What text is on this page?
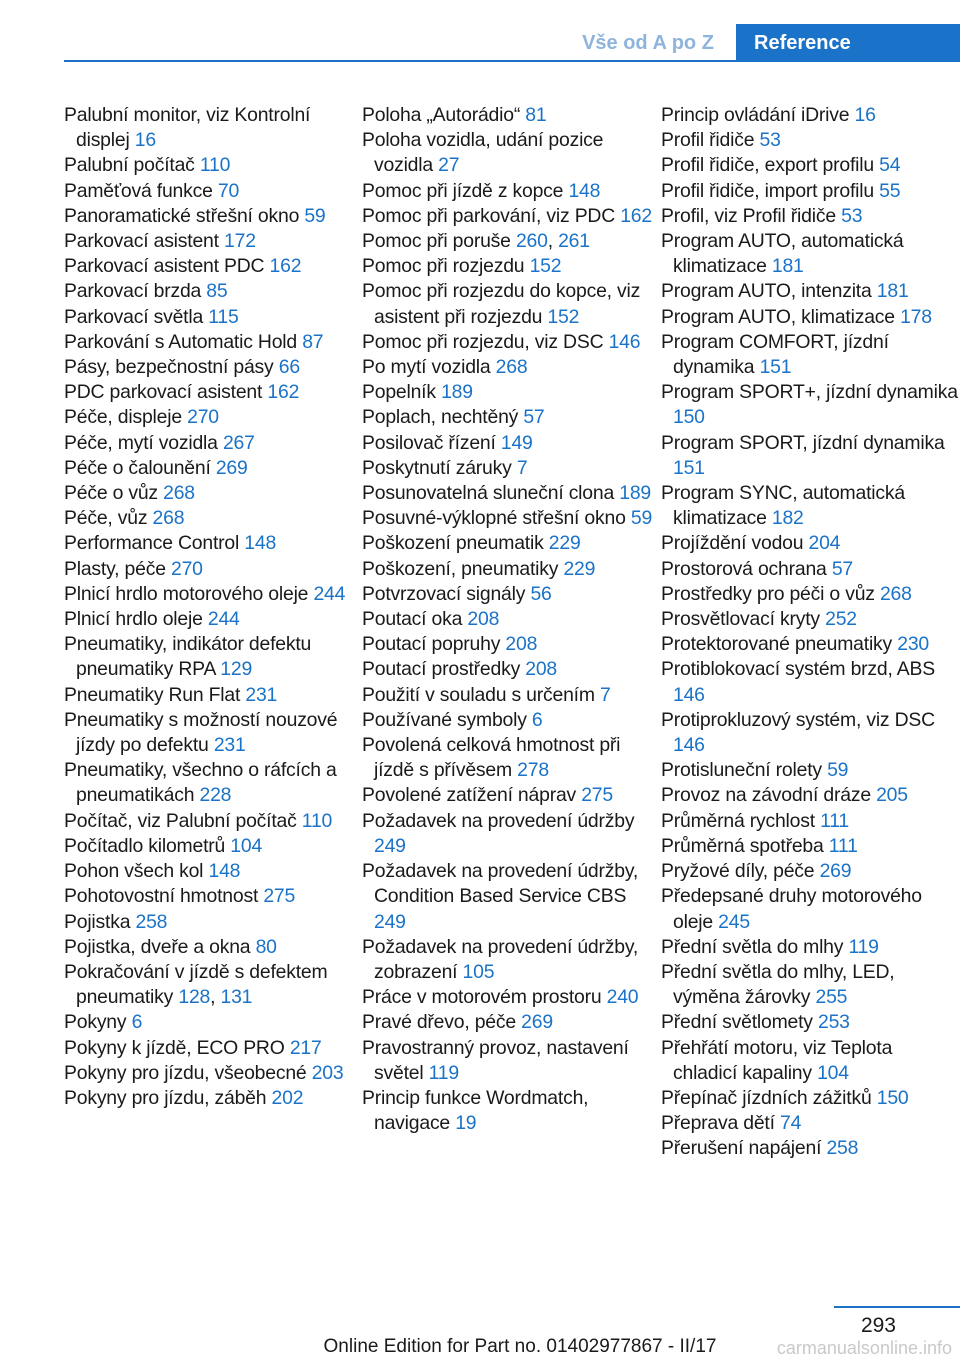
Vše od A po Z	Reference
Palubní monitor, viz Kontrolní displej 16
Palubní počítač 110
Paměťová funkce 70
Panoramatické střešní okno 59
Parkovací asistent 172
Parkovací asistent PDC 162
Parkovací brzda 85
Parkovací světla 115
Parkování s Automatic Hold 87
Pásy, bezpečnostní pásy 66
PDC parkovací asistent 162
Péče, displeje 270
Péče, mytí vozidla 267
Péče o čalounění 269
Péče o vůz 268
Péče, vůz 268
Performance Control 148
Plasty, péče 270
Plnicí hrdlo motorového oleje 244
Plnicí hrdlo oleje 244
Pneumatiky, indikátor defektu pneumatiky RPA 129
Pneumatiky Run Flat 231
Pneumatiky s možností nouzové jízdy po defektu 231
Pneumatiky, všechno o ráfcích a pneumatikách 228
Počítač, viz Palubní počítač 110
Počítadlo kilometrů 104
Pohon všech kol 148
Pohotovostní hmotnost 275
Pojistka 258
Pojistka, dveře a okna 80
Pokračování v jízdě s defektem pneumatiky 128, 131
Pokyny 6
Pokyny k jízdě, ECO PRO 217
Pokyny pro jízdu, všeobecné 203
Pokyny pro jízdu, záběh 202
Poloha „Autorádio“ 81
Poloha vozidla, udání pozice vozidla 27
Pomoc při jízdě z kopce 148
Pomoc při parkování, viz PDC 162
Pomoc při poruše 260, 261
Pomoc při rozjezdu 152
Pomoc při rozjezdu do kopce, viz asistent při rozjezdu 152
Pomoc při rozjezdu, viz DSC 146
Po mytí vozidla 268
Popelník 189
Poplach, nechtěný 57
Posilovač řízení 149
Poskytnutí záruky 7
Posunovatelná sluneční clona 189
Posuvné-výklopné střešní okno 59
Poškození pneumatik 229
Poškození, pneumatiky 229
Potvrzovací signály 56
Poutací oka 208
Poutací popruhy 208
Poutací prostředky 208
Použití v souladu s určením 7
Používané symboly 6
Povolená celková hmotnost při jízdě s přívěsem 278
Povolené zatížení náprav 275
Požadavek na provedení údržby 249
Požadavek na provedení údržby, Condition Based Service CBS 249
Požadavek na provedení údržby, zobrazení 105
Práce v motorovém prostoru 240
Pravé dřevo, péče 269
Pravostranný provoz, nastavení světel 119
Princip funkce Wordmatch, navigace 19
Princip ovládání iDrive 16
Profil řidiče 53
Profil řidiče, export profilu 54
Profil řidiče, import profilu 55
Profil, viz Profil řidiče 53
Program AUTO, automatická klimatizace 181
Program AUTO, intenzita 181
Program AUTO, klimatizace 178
Program COMFORT, jízdní dynamika 151
Program SPORT+, jízdní dynamika 150
Program SPORT, jízdní dynamika 151
Program SYNC, automatická klimatizace 182
Projíždění vodou 204
Prostorová ochrana 57
Prostředky pro péči o vůz 268
Prosvětlovací kryty 252
Protektorované pneumatiky 230
Protiblokovací systém brzd, ABS 146
Protiprokluzový systém, viz DSC 146
Protisluneční rolety 59
Provoz na závodní dráze 205
Průměrná rychlost 111
Průměrná spotřeba 111
Pryžové díly, péče 269
Předepsané druhy motorového oleje 245
Přední světla do mlhy 119
Přední světla do mlhy, LED, výměna žárovky 255
Přední světlomety 253
Přehřátí motoru, viz Teplota chladicí kapaliny 104
Přepínač jízdních zážitků 150
Přeprava dětí 74
Přerušení napájení 258
293
Online Edition for Part no. 01402977867 - II/17	carmanualsonline.info
